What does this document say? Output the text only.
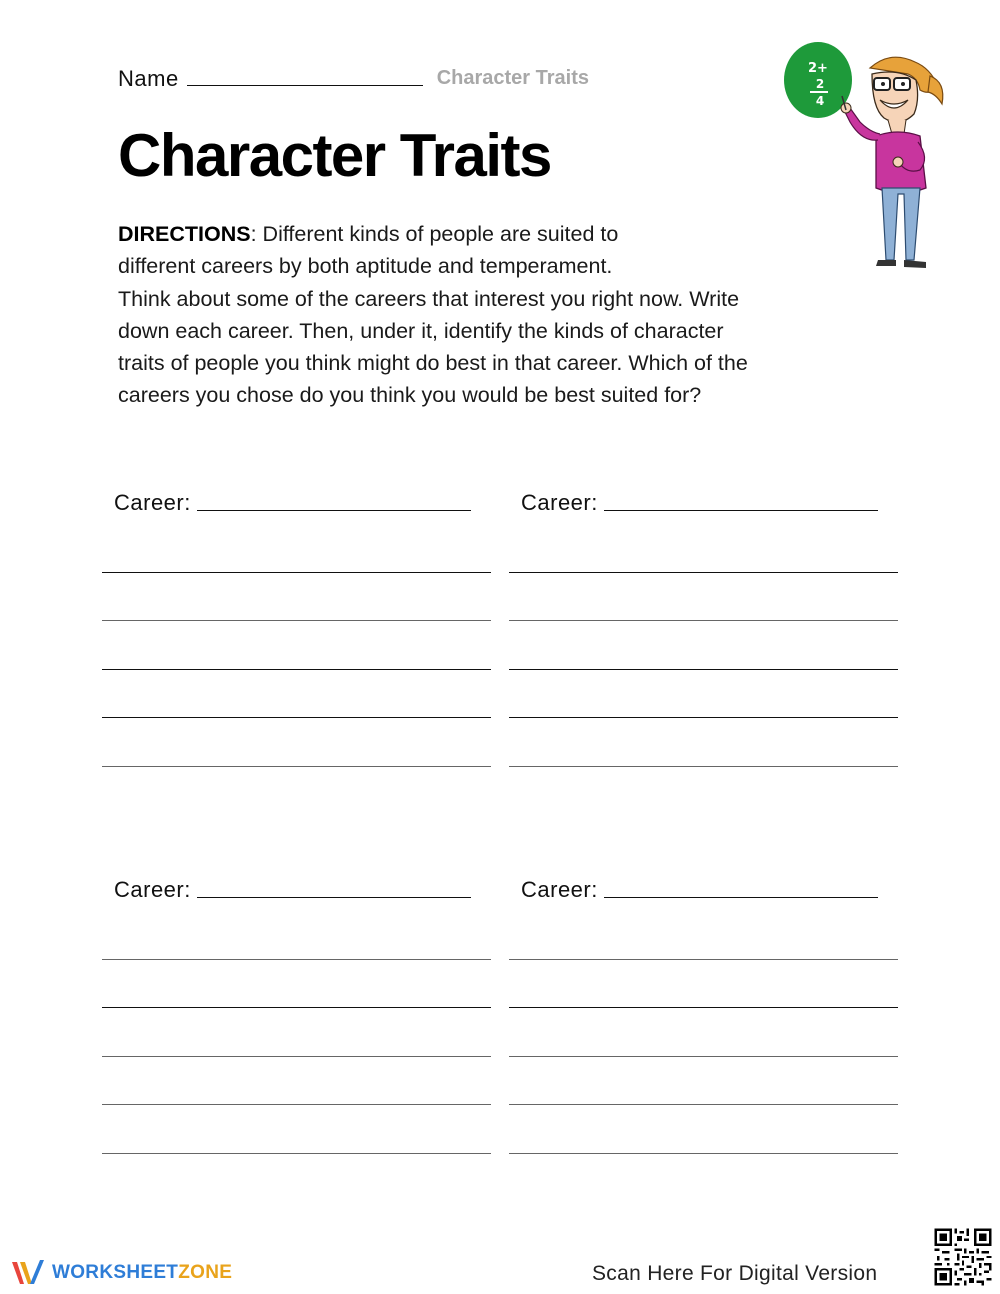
Name	Character Traits
Character Traits
2+
2
4
DIRECTIONS: Different kinds of people are suited to
different careers by both aptitude and temperament.
Think about some of the careers that interest you right now. Write
down each career. Then, under it, identify the kinds of character
traits of people you think might do best in that career. Which of the
careers you chose do you think you would be best suited for?
Career:	Career:
Career:	Career:
WORKSHEETZONE	Scan Here For Digital Version
